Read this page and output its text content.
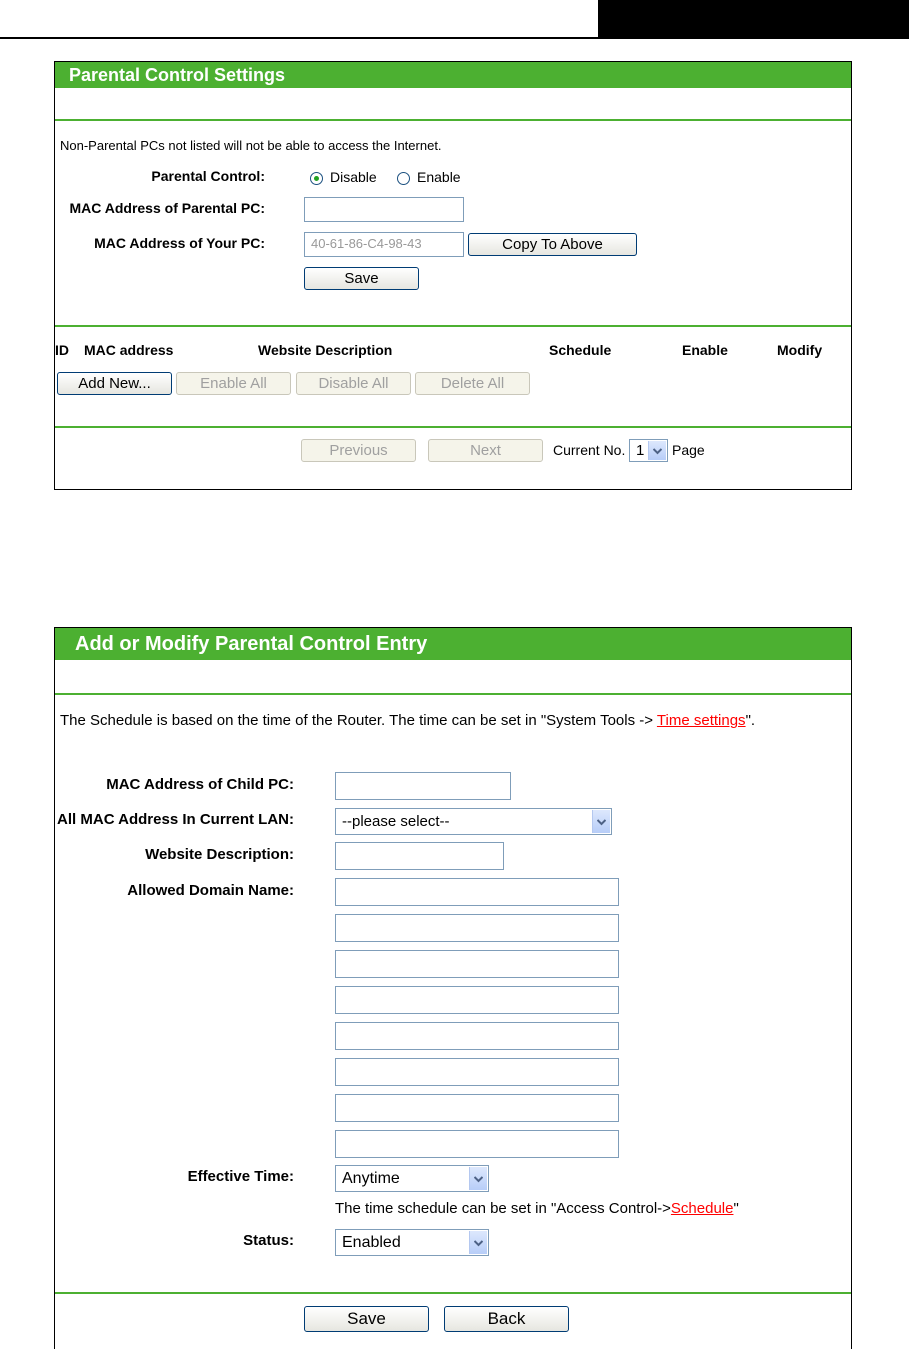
Parental Control Settings
Non-Parental PCs not listed will not be able to access the Internet.
Parental Control:	Disable	Enable
MAC Address of Parental PC:
MAC Address of Your PC:	40-61-86-C4-98-43	Copy To Above
Save
ID MAC address	Website Description	Schedule	Enable	Modify
Add New...	Enable All	Disable All	Delete All
Previous	Next	Current No. 1	Page
Add or Modify Parental Control Entry
The Schedule is based on the time of the Router. The time can be set in "System Tools -> Time settings".
MAC Address of Child PC:
All MAC Address In Current LAN:	--please select--
Website Description:
Allowed Domain Name:
Effective Time:	Anytime
The time schedule can be set in "Access Control->Schedule"
Status:	Enabled
Save	Back
